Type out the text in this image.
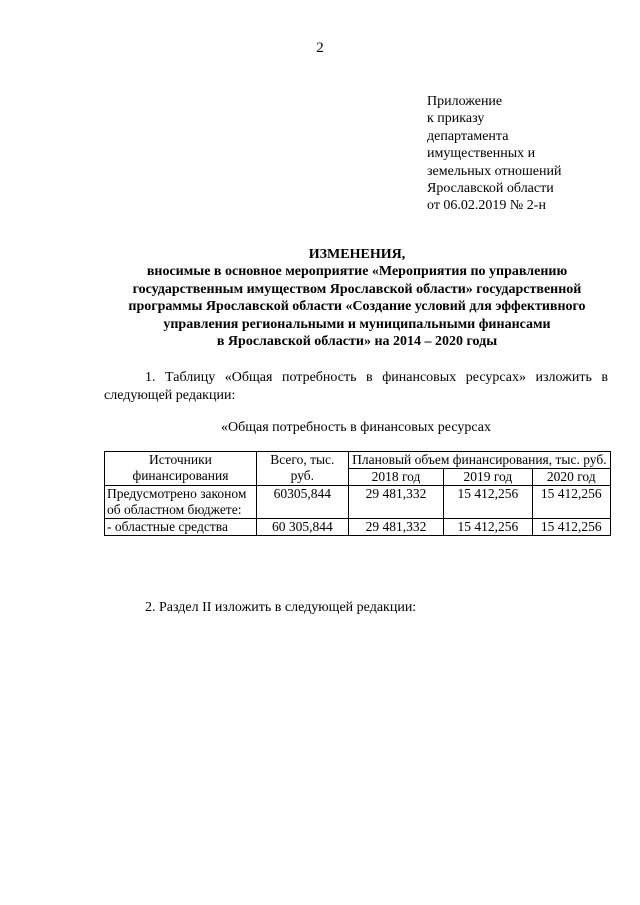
2
Приложение
к приказу
департамента
имущественных и
земельных отношений
Ярославской области
от 06.02.2019 № 2-н
ИЗМЕНЕНИЯ,
вносимые в основное мероприятие «Мероприятия по управлению
государственным имуществом Ярославской области» государственной
программы Ярославской области «Создание условий для эффективного
управления региональными и муниципальными финансами
в Ярославской области» на 2014 – 2020 годы
1. Таблицу «Общая потребность в финансовых ресурсах» изложить в следующей редакции:
«Общая потребность в финансовых ресурсах
Источники финансирования	Всего, тыс. руб.	Плановый объем финансирования, тыс. руб.		
		2018 год	2019 год	2020 год
Предусмотрено законом об областном бюджете:	60305,844	29 481,332	15 412,256	15 412,256
- областные средства	60 305,844	29 481,332	15 412,256	15 412,256
2. Раздел II изложить в следующей редакции:
